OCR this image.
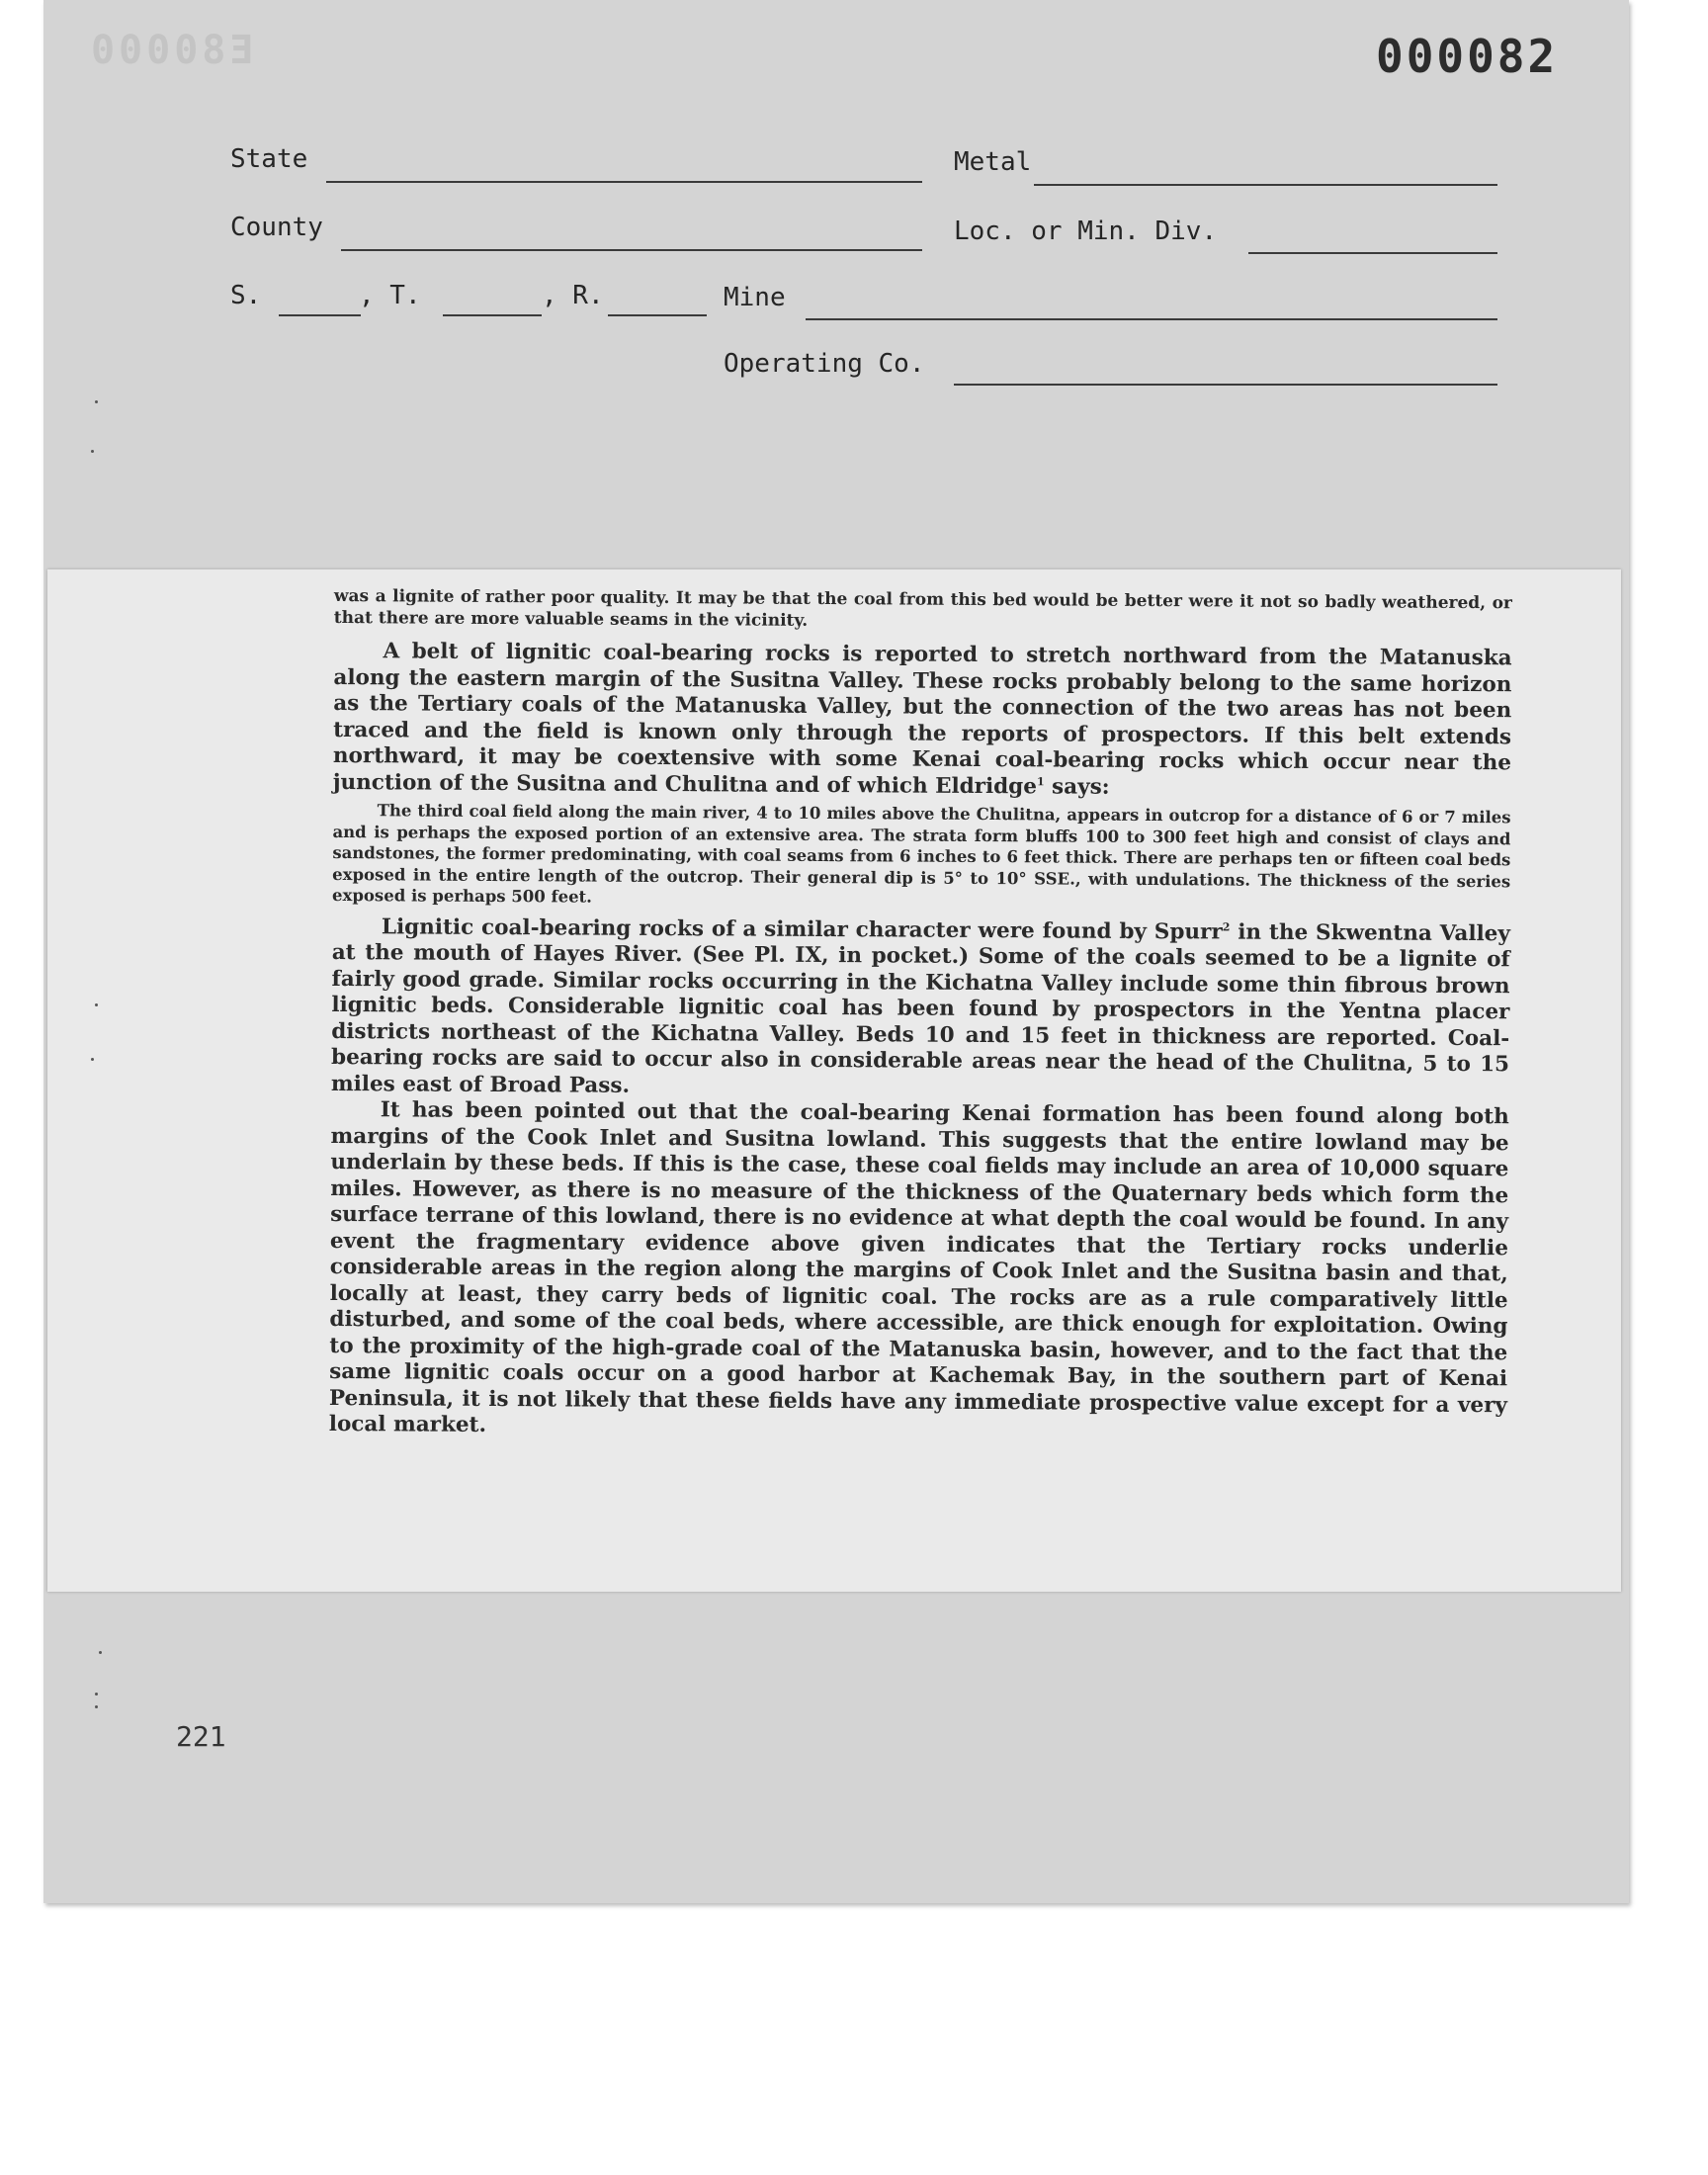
E80000	000082
State	Metal
County	Loc. or Min. Div.
S.	, T.	, R.	Mine
Operating Co.

was a lignite of rather poor quality. It may be that the coal from this bed would be better were it not so badly weathered, or that there are more valuable seams in the vicinity.

A belt of lignitic coal-bearing rocks is reported to stretch northward from the Matanuska along the eastern margin of the Susitna Valley. These rocks probably belong to the same horizon as the Tertiary coals of the Matanuska Valley, but the connection of the two areas has not been traced and the field is known only through the reports of prospectors. If this belt extends northward, it may be coextensive with some Kenai coal-bearing rocks which occur near the junction of the Susitna and Chulitna and of which Eldridge$^1$ says:

The third coal field along the main river, 4 to 10 miles above the Chulitna, appears in outcrop for a distance of 6 or 7 miles and is perhaps the exposed portion of an extensive area. The strata form bluffs 100 to 300 feet high and consist of clays and sandstones, the former predominating, with coal seams from 6 inches to 6 feet thick. There are perhaps ten or fifteen coal beds exposed in the entire length of the outcrop. Their general dip is 5° to 10° SSE., with undulations. The thickness of the series exposed is perhaps 500 feet.

Lignitic coal-bearing rocks of a similar character were found by Spurr$^2$ in the Skwentna Valley at the mouth of Hayes River. (See Pl. IX, in pocket.) Some of the coals seemed to be a lignite of fairly good grade. Similar rocks occurring in the Kichatna Valley include some thin fibrous brown lignitic beds. Considerable lignitic coal has been found by prospectors in the Yentna placer districts northeast of the Kichatna Valley. Beds 10 and 15 feet in thickness are reported. Coal-bearing rocks are said to occur also in considerable areas near the head of the Chulitna, 5 to 15 miles east of Broad Pass.

It has been pointed out that the coal-bearing Kenai formation has been found along both margins of the Cook Inlet and Susitna lowland. This suggests that the entire lowland may be underlain by these beds. If this is the case, these coal fields may include an area of 10,000 square miles. However, as there is no measure of the thickness of the Quaternary beds which form the surface terrane of this lowland, there is no evidence at what depth the coal would be found. In any event the fragmentary evidence above given indicates that the Tertiary rocks underlie considerable areas in the region along the margins of Cook Inlet and the Susitna basin and that, locally at least, they carry beds of lignitic coal. The rocks are as a rule comparatively little disturbed, and some of the coal beds, where accessible, are thick enough for exploitation. Owing to the proximity of the high-grade coal of the Matanuska basin, however, and to the fact that the same lignitic coals occur on a good harbor at Kachemak Bay, in the southern part of Kenai Peninsula, it is not likely that these fields have any immediate prospective value except for a very local market.

221
